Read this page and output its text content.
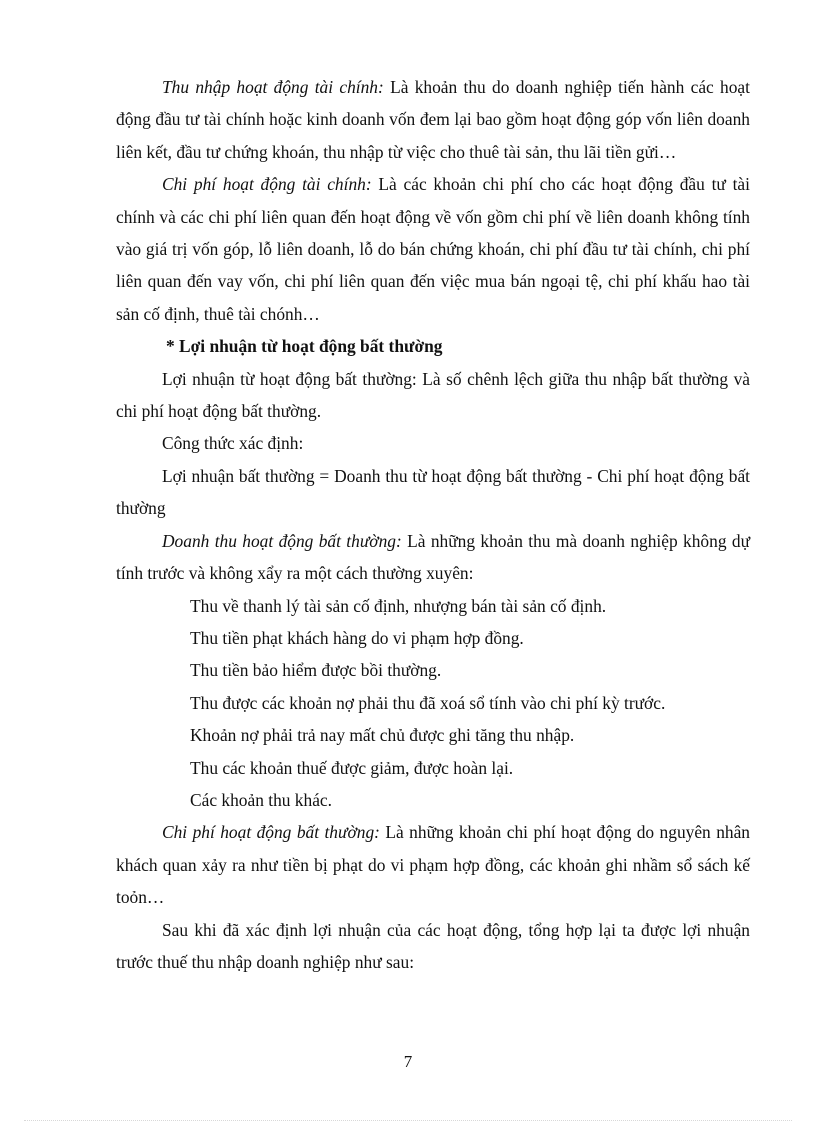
Thu nhập hoạt động tài chính: Là khoản thu do doanh nghiệp tiến hành các hoạt động đầu tư tài chính hoặc kinh doanh vốn đem lại bao gồm hoạt động góp vốn liên doanh liên kết, đầu tư chứng khoán, thu nhập từ việc cho thuê tài sản, thu lãi tiền gửi…

Chi phí hoạt động tài chính: Là các khoản chi phí cho các hoạt động đầu tư tài chính và các chi phí liên quan đến hoạt động về vốn gồm chi phí về liên doanh không tính vào giá trị vốn góp, lỗ liên doanh, lỗ do bán chứng khoán, chi phí đầu tư tài chính, chi phí liên quan đến vay vốn, chi phí liên quan đến việc mua bán ngoại tệ, chi phí khấu hao tài sản cố định, thuê tài chónh…

* Lợi nhuận từ hoạt động bất thường

Lợi nhuận từ hoạt động bất thường: Là số chênh lệch giữa thu nhập bất thường và chi phí hoạt động bất thường.

Công thức xác định:

Lợi nhuận bất thường = Doanh thu từ hoạt động bất thường - Chi phí hoạt động bất thường

Doanh thu hoạt động bất thường: Là những khoản thu mà doanh nghiệp không dự tính trước và không xẩy ra một cách thường xuyên:

Thu về thanh lý tài sản cố định, nhượng bán tài sản cố định.

Thu tiền phạt khách hàng do vi phạm hợp đồng.

Thu tiền bảo hiểm được bồi thường.

Thu được các khoản nợ phải thu đã xoá sổ tính vào chi phí kỳ trước.

Khoản nợ phải trả nay mất chủ được ghi tăng thu nhập.

Thu các khoản thuế được giảm, được hoàn lại.

Các khoản thu khác.

Chi phí hoạt động bất thường: Là những khoản chi phí hoạt động do nguyên nhân khách quan xảy ra như tiền bị phạt do vi phạm hợp đồng, các khoản ghi nhầm sổ sách kế toỏn…

Sau khi đã xác định lợi nhuận của các hoạt động, tổng hợp lại ta được lợi nhuận trước thuế thu nhập doanh nghiệp như sau:

7
